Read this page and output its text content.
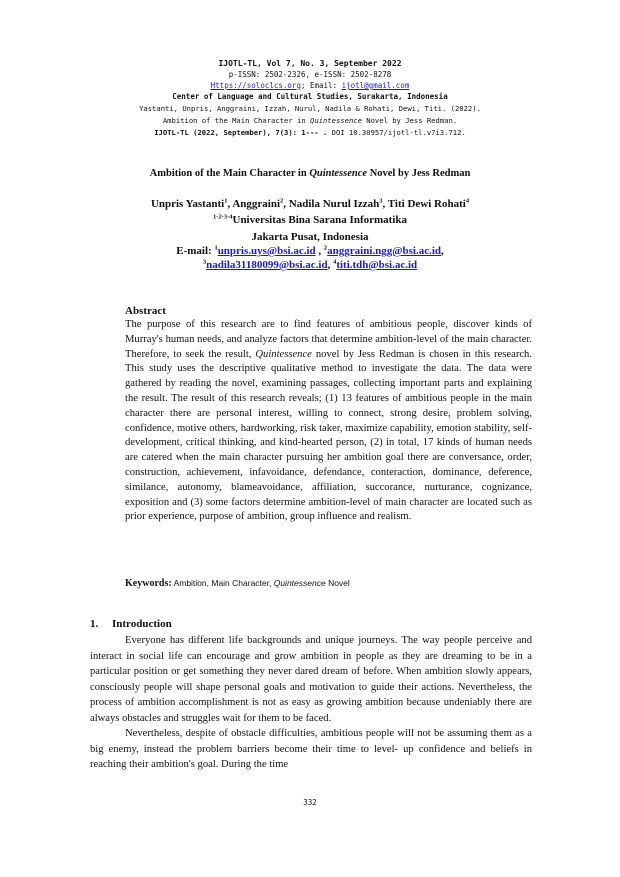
IJOTL-TL, Vol 7, No. 3, September 2022
p-ISSN: 2502-2326, e-ISSN: 2502-8278
Https://soloclcs.org; Email: ijotl@gmail.com
Center of Language and Cultural Studies, Surakarta, Indonesia
Yastanti, Unpris, Anggraini, Izzah, Nurul, Nadila & Rohati, Dewi, Titi. (2022).
Ambition of the Main Character in Quintessence Novel by Jess Redman.
IJOTL-TL (2022, September), 7(3): 1--- . DOI 10.30957/ijotl-tl.v7i3.712.
Ambition of the Main Character in Quintessence Novel by Jess Redman
Unpris Yastanti$^1$, Anggraini$^2$, Nadila Nurul Izzah$^3$, Titi Dewi Rohati$^4$
$^{1-2-3-4}$Universitas Bina Sarana Informatika
Jakarta Pusat, Indonesia
E-mail: $^1$unpris.uys@bsi.ac.id , $^2$anggraini.ngg@bsi.ac.id,
$^3$nadila31180099@bsi.ac.id, $^4$titi.tdh@bsi.ac.id
Abstract
The purpose of this research are to find features of ambitious people, discover kinds of Murray's human needs, and analyze factors that determine ambition-level of the main character. Therefore, to seek the result, Quintessence novel by Jess Redman is chosen in this research. This study uses the descriptive qualitative method to investigate the data. The data were gathered by reading the novel, examining passages, collecting important parts and explaining the result. The result of this research reveals; (1) 13 features of ambitious people in the main character there are personal interest, willing to connect, strong desire, problem solving, confidence, motive others, hardworking, risk taker, maximize capability, emotion stability, self-development, critical thinking, and kind-hearted person, (2) in total, 17 kinds of human needs are catered when the main character pursuing her ambition goal there are conversance, order, construction, achievement, infavoidance, defendance, conteraction, dominance, deference, similance, autonomy, blameavoidance, affiliation, succorance, nurturance, cognizance, exposition and (3) some factors determine ambition-level of main character are located such as prior experience, purpose of ambition, group influence and realism.
Keywords: Ambition, Main Character, Quintessence Novel
1. Introduction

Everyone has different life backgrounds and unique journeys. The way people perceive and interact in social life can encourage and grow ambition in people as they are dreaming to be in a particular position or get something they never dared dream of before. When ambition slowly appears, consciously people will shape personal goals and motivation to guide their actions. Nevertheless, the process of ambition accomplishment is not as easy as growing ambition because undeniably there are always obstacles and struggles wait for them to be faced.

Nevertheless, despite of obstacle difficulties, ambitious people will not be assuming them as a big enemy, instead the problem barriers become their time to level- up confidence and beliefs in reaching their ambition's goal. During the time

332
